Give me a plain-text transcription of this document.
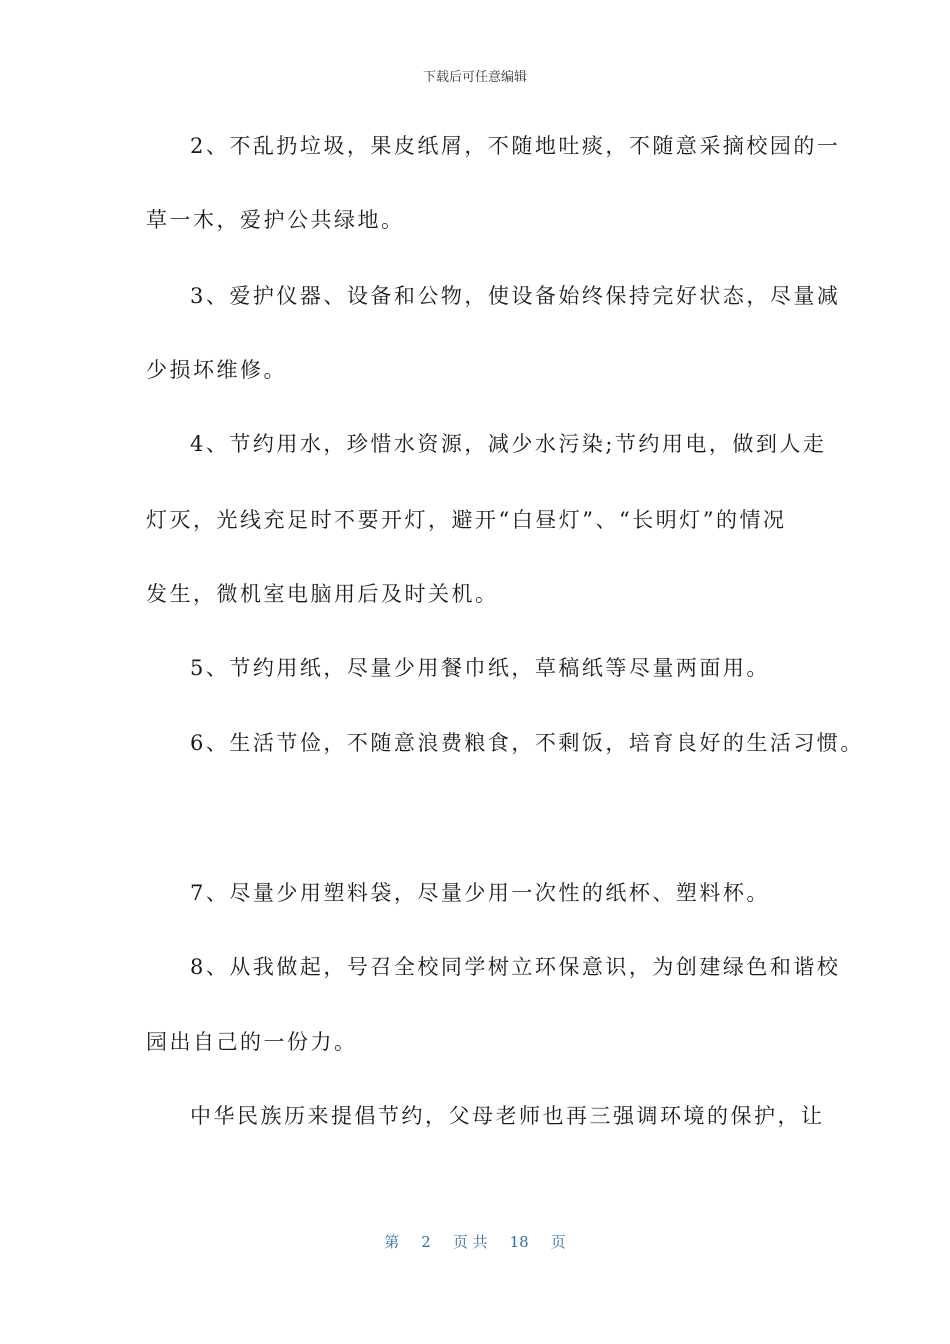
下载后可任意编辑
2、不乱扔垃圾，果皮纸屑，不随地吐痰，不随意采摘校园的一
草一木，爱护公共绿地。
3、爱护仪器、设备和公物，使设备始终保持完好状态，尽量减
少损坏维修。
4、节约用水，珍惜水资源，减少水污染;节约用电，做到人走
灯灭，光线充足时不要开灯，避开“白昼灯”、“长明灯”的情况
发生，微机室电脑用后及时关机。
5、节约用纸，尽量少用餐巾纸，草稿纸等尽量两面用。
6、生活节俭，不随意浪费粮食，不剩饭，培育良好的生活习惯。
7、尽量少用塑料袋，尽量少用一次性的纸杯、塑料杯。
8、从我做起，号召全校同学树立环保意识，为创建绿色和谐校
园出自己的一份力。
中华民族历来提倡节约，父母老师也再三强调环境的保护，让
第 2 页 共 18 页
